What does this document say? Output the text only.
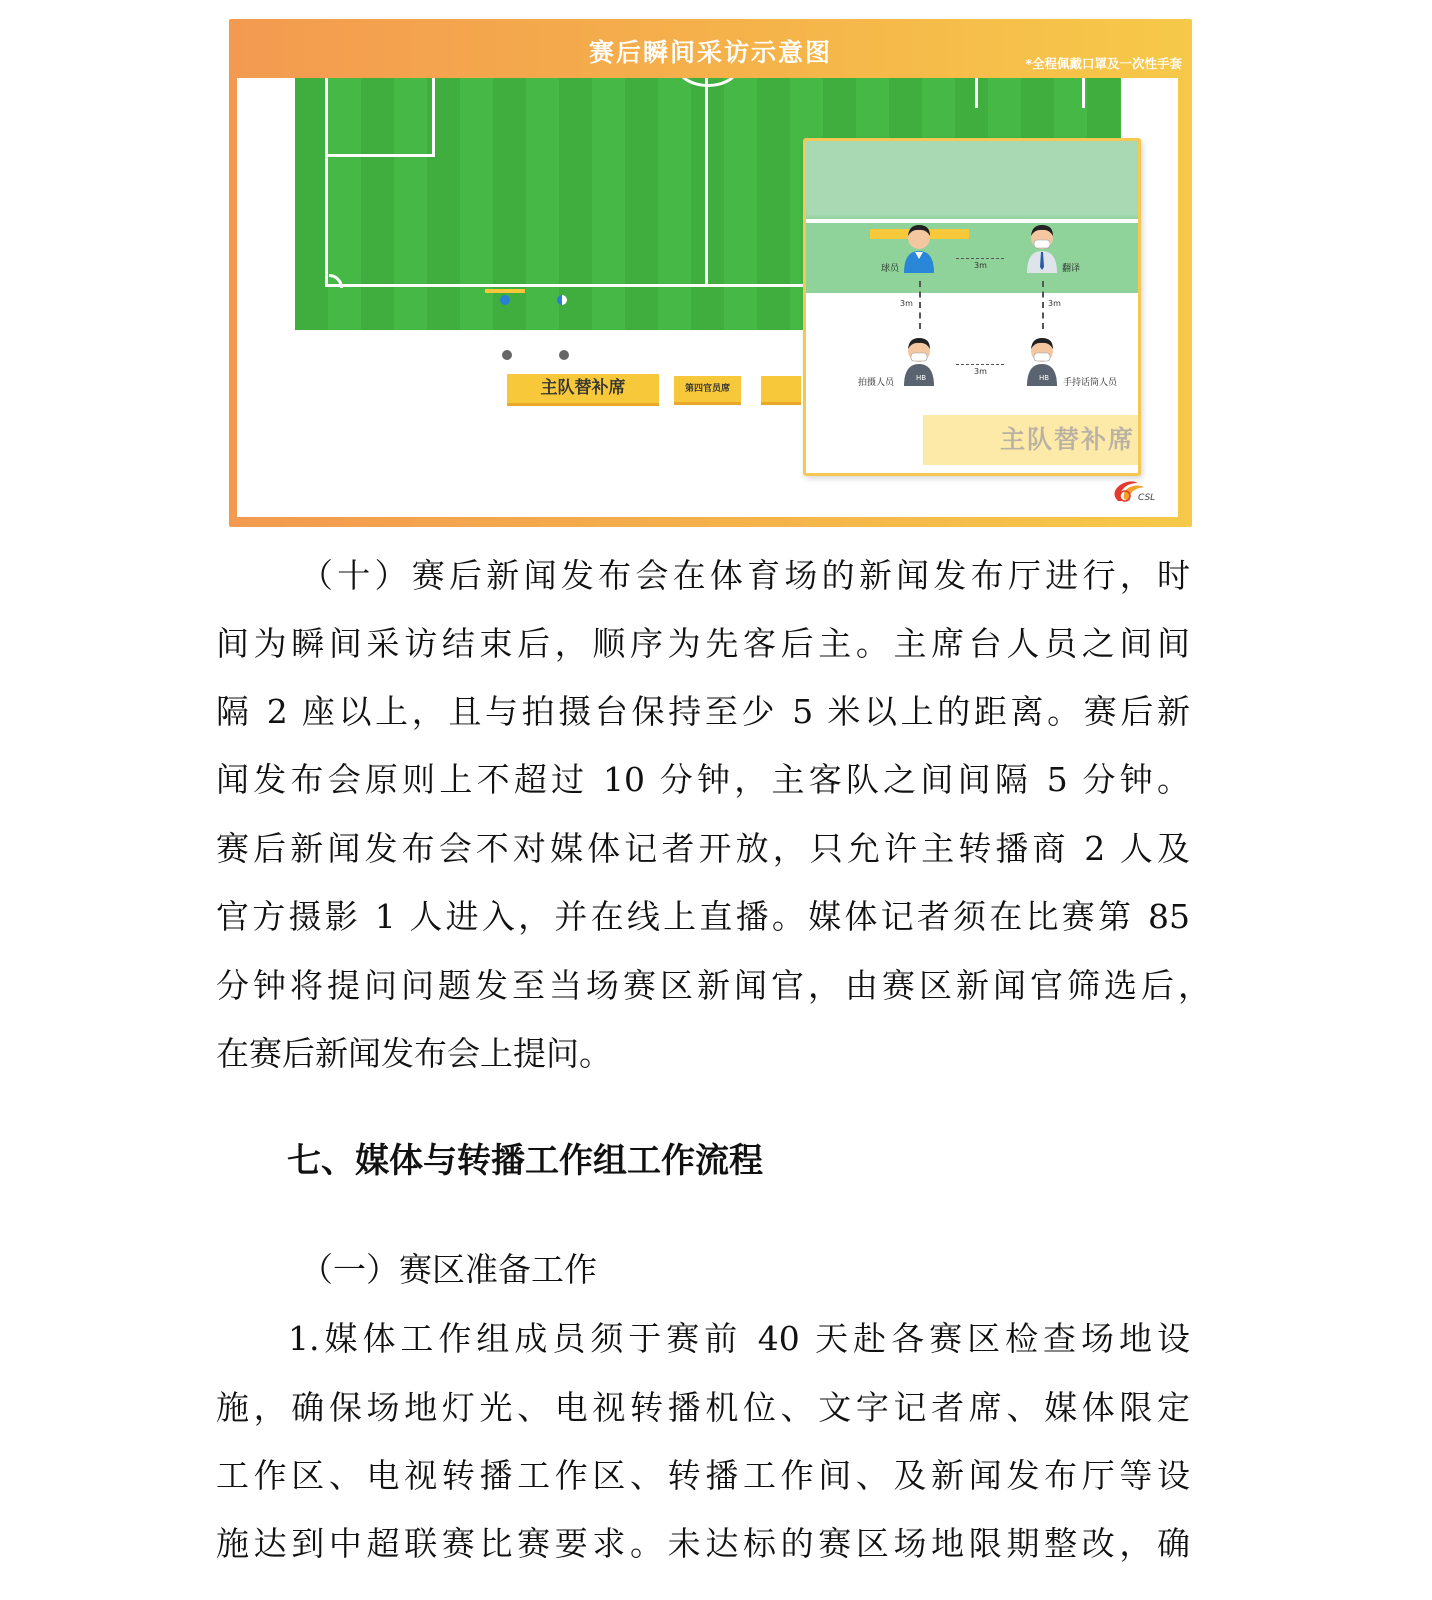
赛后瞬间采访示意图	*全程佩戴口罩及一次性手套
主队替补席	第四官员席
HB	HB
球员	翻译
拍摄人员	手持话筒人员
3m
3m
3m	3m
主队替补席
CSL
（十）赛后新闻发布会在体育场的新闻发布厅进行，时
间为瞬间采访结束后，顺序为先客后主。主席台人员之间间
隔 2 座以上，且与拍摄台保持至少 5 米以上的距离。赛后新
闻发布会原则上不超过 10 分钟，主客队之间间隔 5 分钟。
赛后新闻发布会不对媒体记者开放，只允许主转播商 2 人及
官方摄影 1 人进入，并在线上直播。媒体记者须在比赛第 85
分钟将提问问题发至当场赛区新闻官，由赛区新闻官筛选后，
在赛后新闻发布会上提问。
七、媒体与转播工作组工作流程
（一）赛区准备工作
1.媒体工作组成员须于赛前 40 天赴各赛区检查场地设
施，确保场地灯光、电视转播机位、文字记者席、媒体限定
工作区、电视转播工作区、转播工作间、及新闻发布厅等设
施达到中超联赛比赛要求。未达标的赛区场地限期整改，确
